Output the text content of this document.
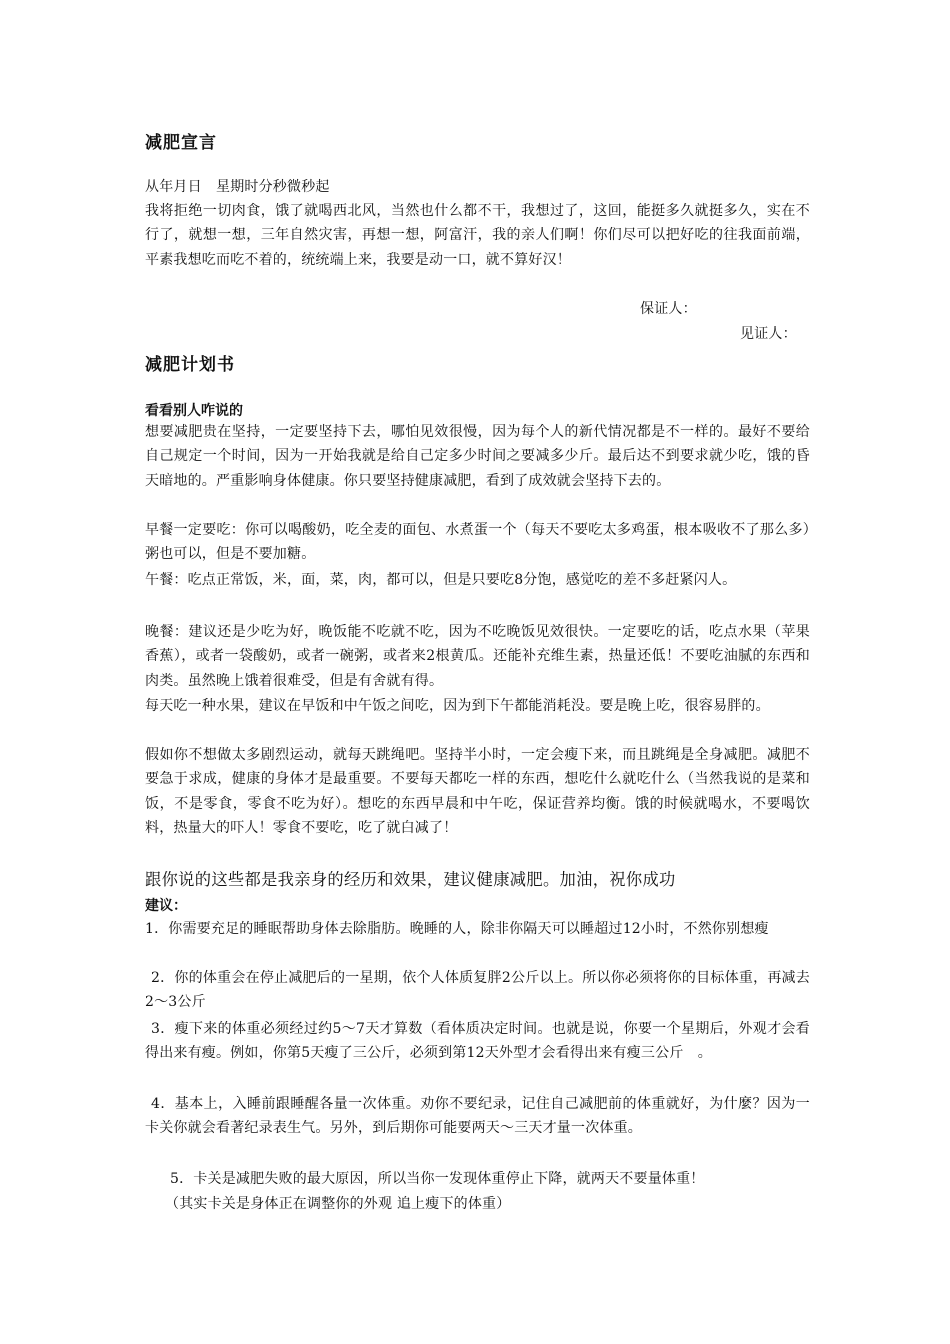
减肥宣言
从年月日　星期时分秒微秒起
我将拒绝一切肉食，饿了就喝西北风，当然也什么都不干，我想过了，这回，能挺多久就挺多久，实在不行了，就想一想，三年自然灾害，再想一想，阿富汗，我的亲人们啊！你们尽可以把好吃的往我面前端，平素我想吃而吃不着的，统统端上来，我要是动一口，就不算好汉！
保证人：
见证人：
减肥计划书
看看别人咋说的
想要减肥贵在坚持，一定要坚持下去，哪怕见效很慢，因为每个人的新代情况都是不一样的。最好不要给自己规定一个时间，因为一开始我就是给自己定多少时间之要减多少斤。最后达不到要求就少吃，饿的昏天暗地的。严重影响身体健康。你只要坚持健康减肥，看到了成效就会坚持下去的。
早餐一定要吃：你可以喝酸奶，吃全麦的面包、水煮蛋一个（每天不要吃太多鸡蛋，根本吸收不了那么多）粥也可以，但是不要加糖。
午餐：吃点正常饭，米，面，菜，肉，都可以，但是只要吃8分饱，感觉吃的差不多赶紧闪人。
晚餐：建议还是少吃为好，晚饭能不吃就不吃，因为不吃晚饭见效很快。一定要吃的话，吃点水果（苹果香蕉），或者一袋酸奶，或者一碗粥，或者来2根黄瓜。还能补充维生素，热量还低！不要吃油腻的东西和肉类。虽然晚上饿着很难受，但是有舍就有得。
每天吃一种水果，建议在早饭和中午饭之间吃，因为到下午都能消耗没。要是晚上吃，很容易胖的。
假如你不想做太多剧烈运动，就每天跳绳吧。坚持半小时，一定会瘦下来，而且跳绳是全身减肥。减肥不要急于求成，健康的身体才是最重要。不要每天都吃一样的东西，想吃什么就吃什么（当然我说的是菜和饭，不是零食，零食不吃为好）。想吃的东西早晨和中午吃，保证营养均衡。饿的时候就喝水，不要喝饮料，热量大的吓人！零食不要吃，吃了就白减了！
跟你说的这些都是我亲身的经历和效果，建议健康减肥。加油，祝你成功
建议：
1．你需要充足的睡眠帮助身体去除脂肪。晚睡的人，除非你隔天可以睡超过12小时，不然你别想瘦
2．你的体重会在停止减肥后的一星期，依个人体质复胖2公斤以上。所以你必须将你的目标体重，再减去2～3公斤
3．瘦下来的体重必须经过约5～7天才算数（看体质决定时间。也就是说，你要一个星期后，外观才会看得出来有瘦。例如，你第5天瘦了三公斤，必须到第12天外型才会看得出来有瘦三公斤　。
4．基本上，入睡前跟睡醒各量一次体重。劝你不要纪录，记住自己减肥前的体重就好，为什麼？因为一卡关你就会看著纪录表生气。另外，到后期你可能要两天～三天才量一次体重。
5．卡关是减肥失败的最大原因，所以当你一发现体重停止下降，就两天不要量体重！
（其实卡关是身体正在调整你的外观 追上瘦下的体重）
